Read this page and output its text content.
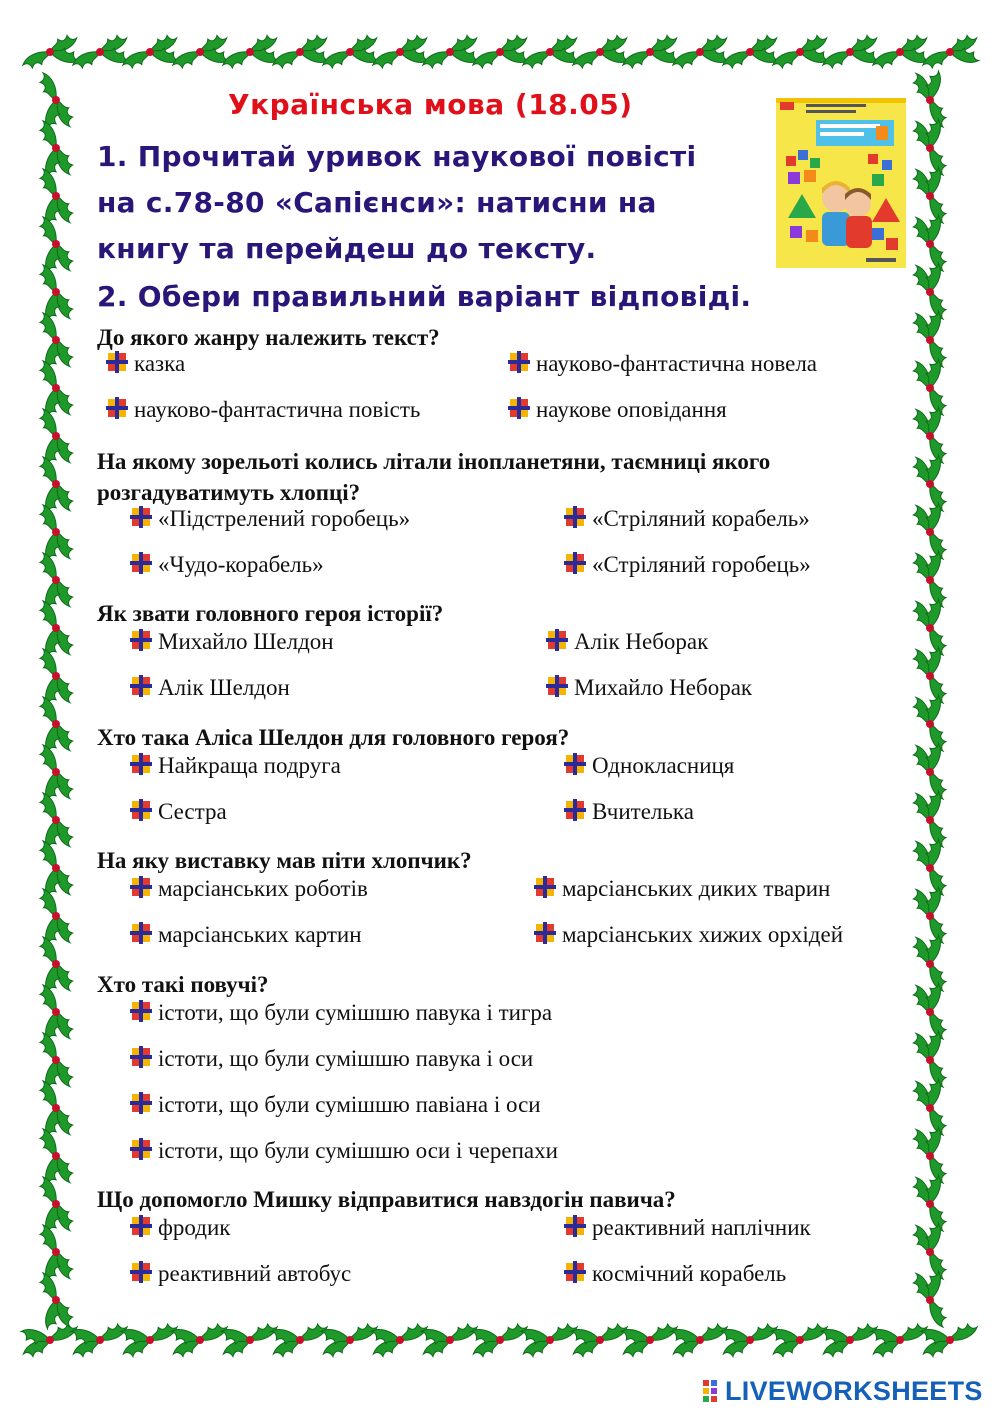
Українська мова (18.05)
1. Прочитай уривок наукової повісті
на с.78-80 «Сапієнси»: натисни на
книгу та перейдеш до тексту.
2. Обери правильний варіант відповіді.
До якого жанру належить текст?
казка	науково-фантастична новела
науково-фантастична повість	наукове оповідання
На якому зорельоті колись літали інопланетяни, таємниці якого
розгадуватимуть хлопці?
«Підстрелений горобець»	«Стріляний корабель»
«Чудо-корабель»	«Стріляний горобець»
Як звати головного героя історії?
Михайло Шелдон	Алік Неборак
Алік Шелдон	Михайло Неборак
Хто така Аліса Шелдон для головного героя?
Найкраща подруга	Однокласниця
Сестра	Вчителька
На яку виставку мав піти хлопчик?
марсіанських роботів	марсіанських диких тварин
марсіанських картин	марсіанських хижих орхідей
Хто такі повучі?
істоти, що були сумішшю павука і тигра
істоти, що були сумішшю павука і оси
істоти, що були сумішшю павіана і оси
істоти, що були сумішшю оси і черепахи
Що допомогло Мишку відправитися навздогін павича?
фродик	реактивний наплічник
реактивний автобус	космічний корабель
LIVEWORKSHEETS
